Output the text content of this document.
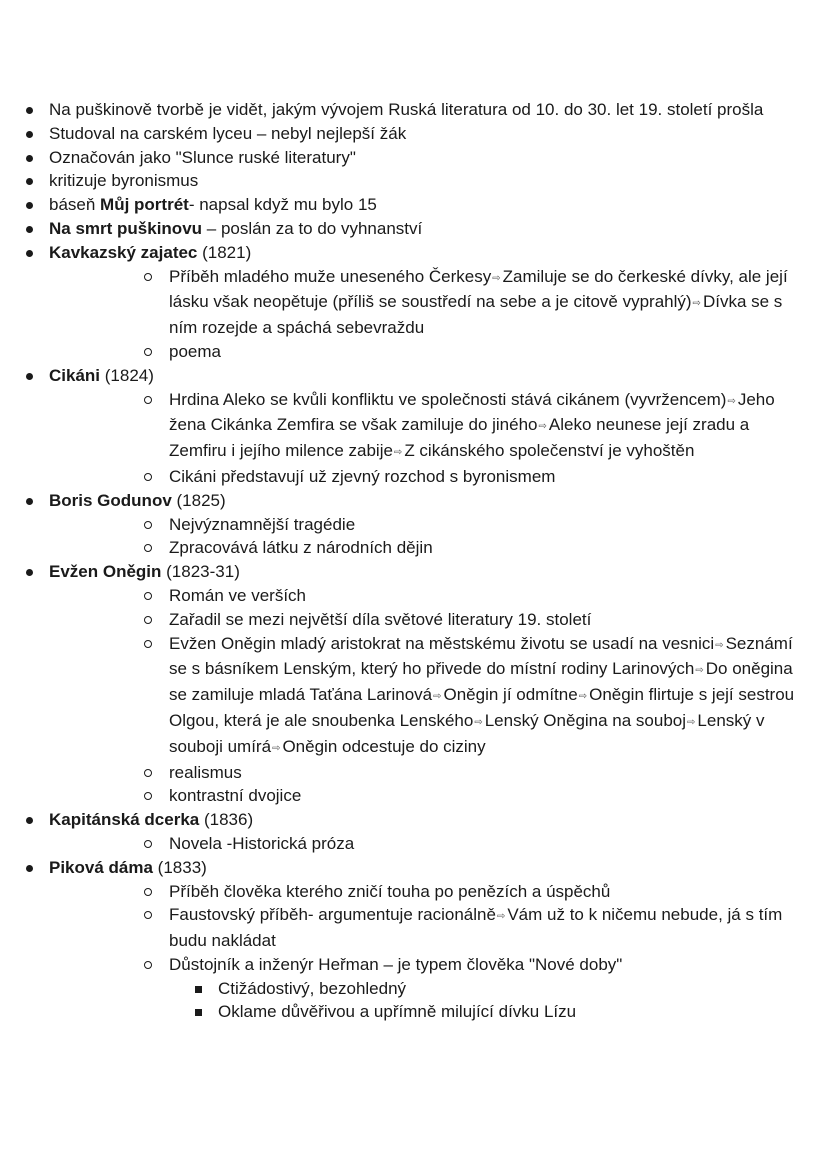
Na puškinově tvorbě je vidět, jakým vývojem Ruská literatura od 10. do 30. let 19. století prošla
Studoval na carském lyceu – nebyl nejlepší žák
Označován jako "Slunce ruské literatury"
kritizuje byronismus
báseň Můj portrét- napsal když mu bylo 15
Na smrt puškinovu – poslán za to do vyhnanství
Kavkazský zajatec (1821)
Příběh mladého muže uneseného Čerkesy⇨ Zamiluje se do čerkeské dívky, ale její lásku však neopětuje (příliš se soustředí na sebe a je citově vyprahlý)⇨ Dívka se s ním rozejde a spáchá sebevraždu
poema
Cikáni (1824)
Hrdina Aleko se kvůli konfliktu ve společnosti stává cikánem (vyvržencem)⇨ Jeho žena Cikánka Zemfira se však zamiluje do jiného⇨ Aleko neunese její zradu a Zemfiru i jejího milence zabije⇨ Z cikánského společenství je vyhoštěn
Cikáni představují už zjevný rozchod s byronismem
Boris Godunov (1825)
Nejvýznamnější tragédie
Zpracovává látku z národních dějin
Evžen Oněgin (1823-31)
Román ve verších
Zařadil se mezi největší díla světové literatury 19. století
Evžen Oněgin mladý aristokrat na městskému životu se usadí na vesnici⇨ Seznámí se s básníkem Lenským, který ho přivede do místní rodiny Larinových⇨ Do oněgina se zamiluje mladá Taťána Larinová⇨ Oněgin jí odmítne⇨ Oněgin flirtuje s její sestrou Olgou, která je ale snoubenka Lenského⇨ Lenský Oněgina na souboj⇨ Lenský v souboji umírá⇨ Oněgin odcestuje do ciziny
realismus
kontrastní dvojice
Kapitánská dcerka (1836)
Novela -Historická próza
Piková dáma (1833)
Příběh člověka kterého zničí touha po penězích a úspěchů
Faustovský příběh- argumentuje racionálně⇨ Vám už to k ničemu nebude, já s tím budu nakládat
Důstojník a inženýr Heřman – je typem člověka "Nové doby"
Ctižádostivý, bezohledný
Oklame důvěřivou a upřímně milující dívku Lízu
